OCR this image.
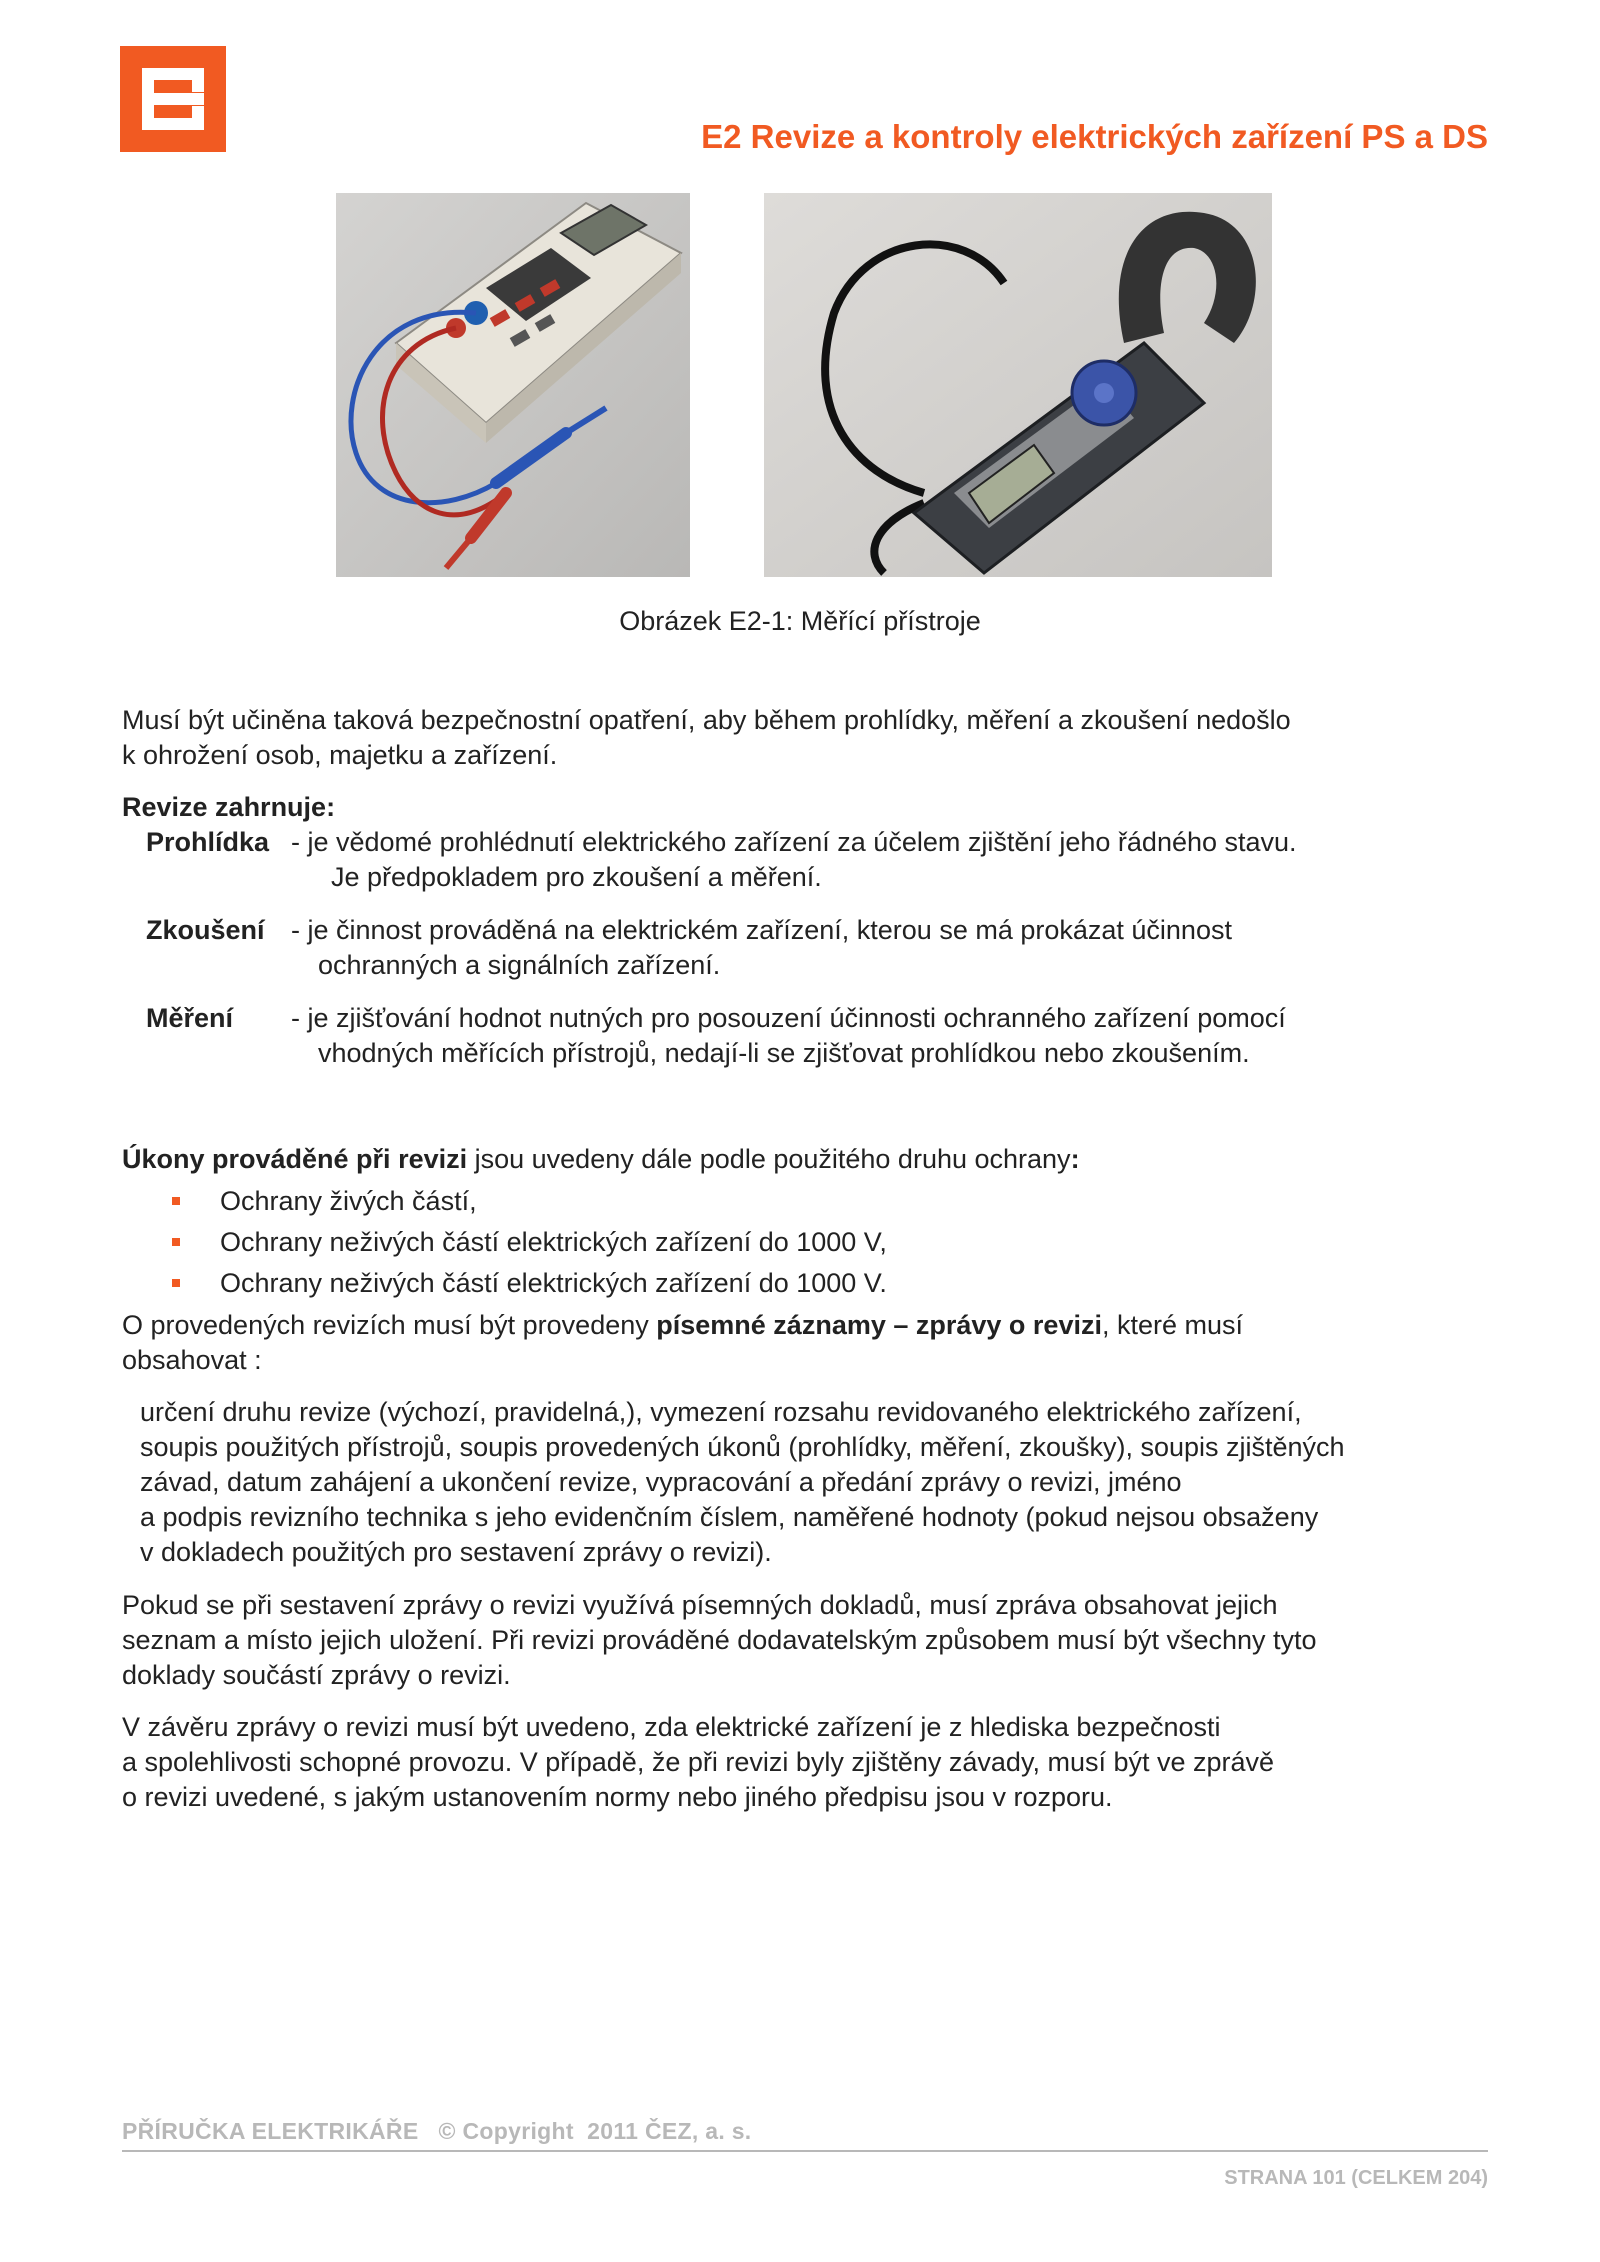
E2 Revize a kontroly elektrických zařízení PS a DS
Obrázek E2-1: Měřící přístroje
Musí být učiněna taková bezpečnostní opatření, aby během prohlídky, měření a zkoušení nedošlo
k ohrožení osob, majetku a zařízení.
Revize zahrnuje:
Prohlídka - je vědomé prohlédnutí elektrického zařízení za účelem zjištění jeho řádného stavu.
Je předpokladem pro zkoušení a měření.
Zkoušení - je činnost prováděná na elektrickém zařízení, kterou se má prokázat účinnost
ochranných a signálních zařízení.
Měření	- je zjišťování hodnot nutných pro posouzení účinnosti ochranného zařízení pomocí
vhodných měřících přístrojů, nedají-li se zjišťovat prohlídkou nebo zkoušením.
Úkony prováděné při revizi jsou uvedeny dále podle použitého druhu ochrany:
Ochrany živých částí,
Ochrany neživých částí elektrických zařízení do 1000 V,
Ochrany neživých částí elektrických zařízení do 1000 V.
O provedených revizích musí být provedeny písemné záznamy – zprávy o revizi, které musí
obsahovat :
určení druhu revize (výchozí, pravidelná,), vymezení rozsahu revidovaného elektrického zařízení,
soupis použitých přístrojů, soupis provedených úkonů (prohlídky, měření, zkoušky), soupis zjištěných
závad, datum zahájení a ukončení revize, vypracování a předání zprávy o revizi, jméno
a podpis revizního technika s jeho evidenčním číslem, naměřené hodnoty (pokud nejsou obsaženy
v dokladech použitých pro sestavení zprávy o revizi).
Pokud se při sestavení zprávy o revizi využívá písemných dokladů, musí zpráva obsahovat jejich
seznam a místo jejich uložení. Při revizi prováděné dodavatelským způsobem musí být všechny tyto
doklady součástí zprávy o revizi.
V závěru zprávy o revizi musí být uvedeno, zda elektrické zařízení je z hlediska bezpečnosti
a spolehlivosti schopné provozu. V případě, že při revizi byly zjištěny závady, musí být ve zprávě
o revizi uvedené, s jakým ustanovením normy nebo jiného předpisu jsou v rozporu.
PŘÍRUČKA ELEKTRIKÁŘE   © Copyright  2011 ČEZ, a. s.
STRANA 101 (CELKEM 204)
